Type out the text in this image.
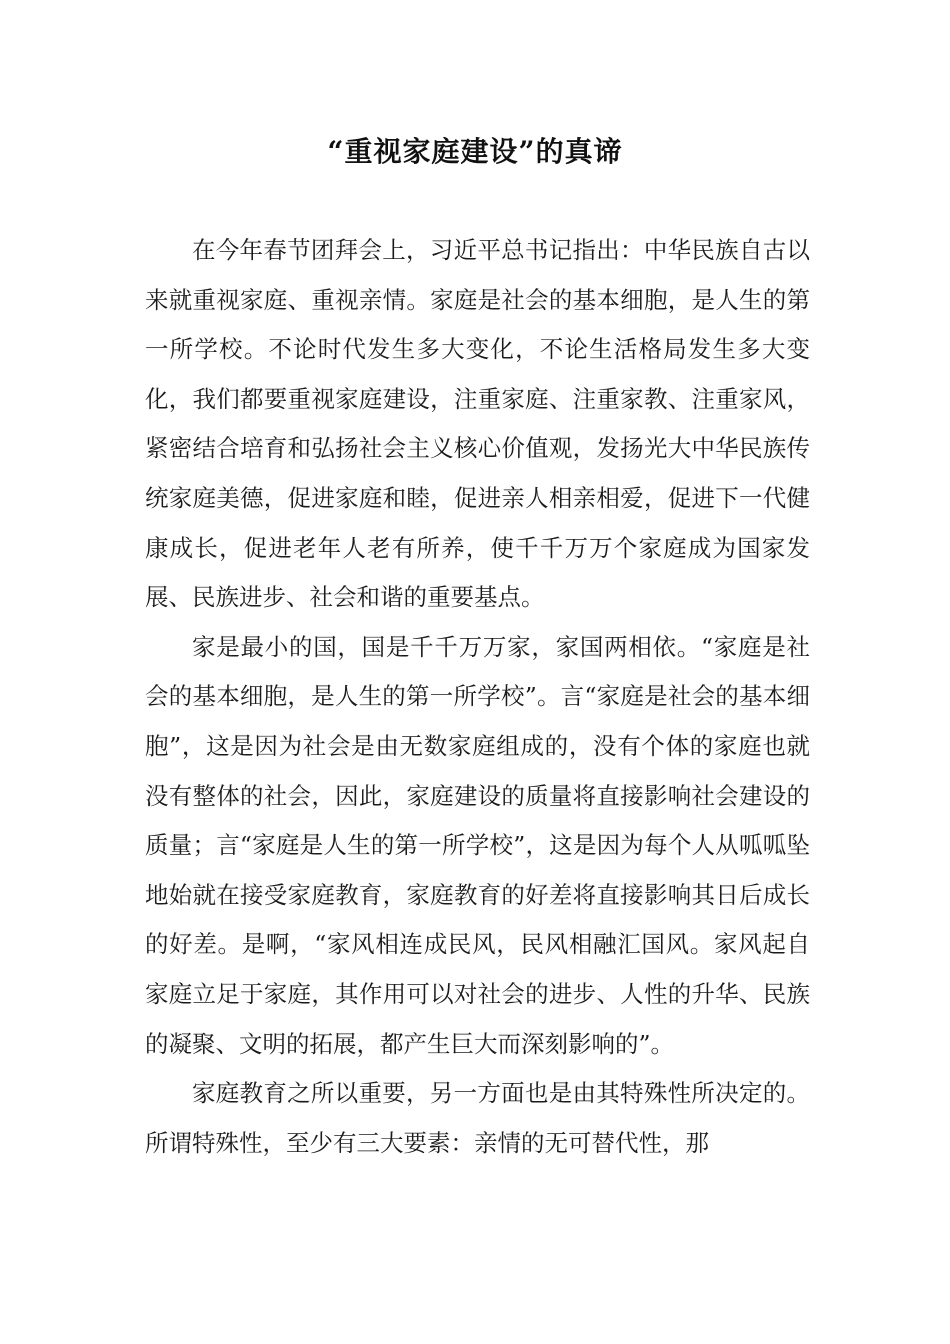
“重视家庭建设”的真谛

在今年春节团拜会上，习近平总书记指出：中华民族自古以来就重视家庭、重视亲情。家庭是社会的基本细胞，是人生的第一所学校。不论时代发生多大变化，不论生活格局发生多大变化，我们都要重视家庭建设，注重家庭、注重家教、注重家风，紧密结合培育和弘扬社会主义核心价值观，发扬光大中华民族传统家庭美德，促进家庭和睦，促进亲人相亲相爱，促进下一代健康成长，促进老年人老有所养，使千千万万个家庭成为国家发展、民族进步、社会和谐的重要基点。

家是最小的国，国是千千万万家，家国两相依。“家庭是社会的基本细胞，是人生的第一所学校”。言“家庭是社会的基本细胞”，这是因为社会是由无数家庭组成的，没有个体的家庭也就没有整体的社会，因此，家庭建设的质量将直接影响社会建设的质量；言“家庭是人生的第一所学校”，这是因为每个人从呱呱坠地始就在接受家庭教育，家庭教育的好差将直接影响其日后成长的好差。是啊，“家风相连成民风，民风相融汇国风。家风起自家庭立足于家庭，其作用可以对社会的进步、人性的升华、民族的凝聚、文明的拓展，都产生巨大而深刻影响的”。

家庭教育之所以重要，另一方面也是由其特殊性所决定的。所谓特殊性，至少有三大要素：亲情的无可替代性，那
